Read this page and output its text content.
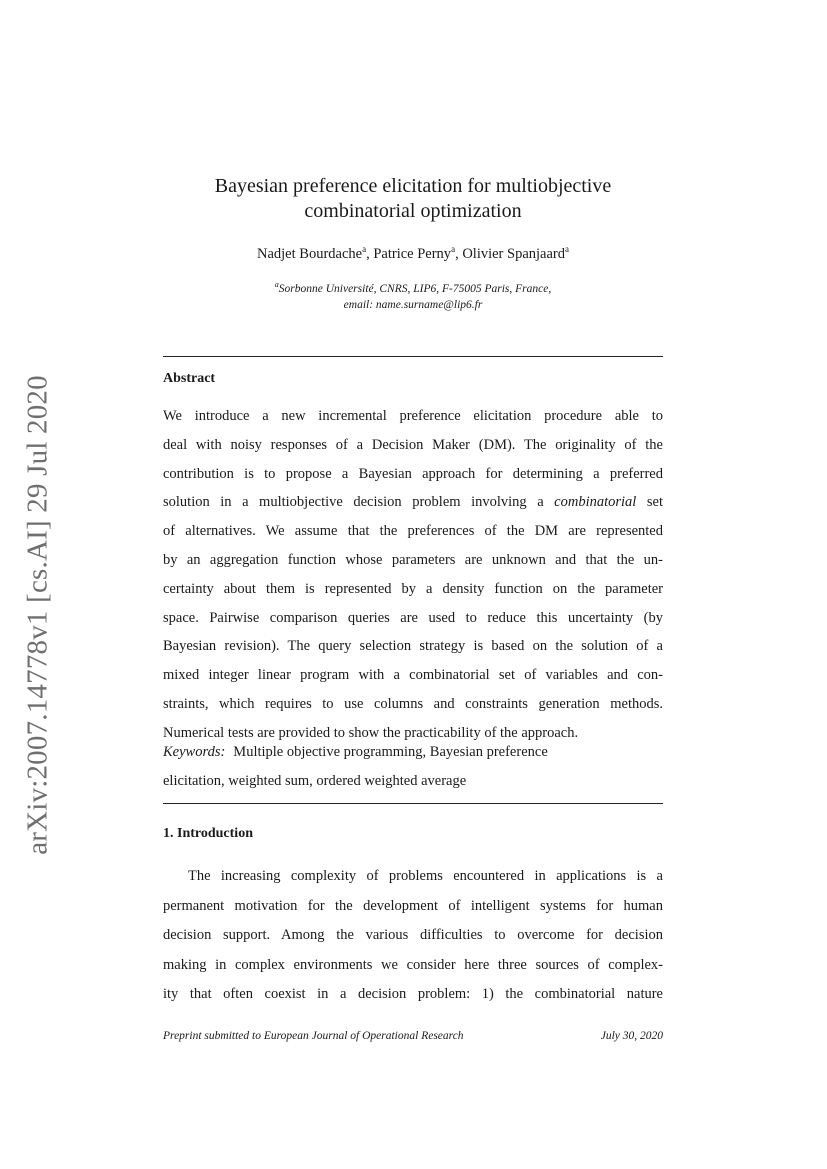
arXiv:2007.14778v1 [cs.AI] 29 Jul 2020
Bayesian preference elicitation for multiobjective
combinatorial optimization
Nadjet Bourdache$^a$, Patrice Perny$^a$, Olivier Spanjaard$^a$
$^a$Sorbonne Université, CNRS, LIP6, F-75005 Paris, France,
email: name.surname@lip6.fr
Abstract
We introduce a new incremental preference elicitation procedure able to
deal with noisy responses of a Decision Maker (DM). The originality of the
contribution is to propose a Bayesian approach for determining a preferred
solution in a multiobjective decision problem involving a combinatorial set
of alternatives. We assume that the preferences of the DM are represented
by an aggregation function whose parameters are unknown and that the un-
certainty about them is represented by a density function on the parameter
space. Pairwise comparison queries are used to reduce this uncertainty (by
Bayesian revision). The query selection strategy is based on the solution of a
mixed integer linear program with a combinatorial set of variables and con-
straints, which requires to use columns and constraints generation methods.
Numerical tests are provided to show the practicability of the approach.
Keywords: Multiple objective programming, Bayesian preference
elicitation, weighted sum, ordered weighted average
1. Introduction
The increasing complexity of problems encountered in applications is a
permanent motivation for the development of intelligent systems for human
decision support. Among the various difficulties to overcome for decision
making in complex environments we consider here three sources of complex-
ity that often coexist in a decision problem: 1) the combinatorial nature
Preprint submitted to European Journal of Operational Research	July 30, 2020
